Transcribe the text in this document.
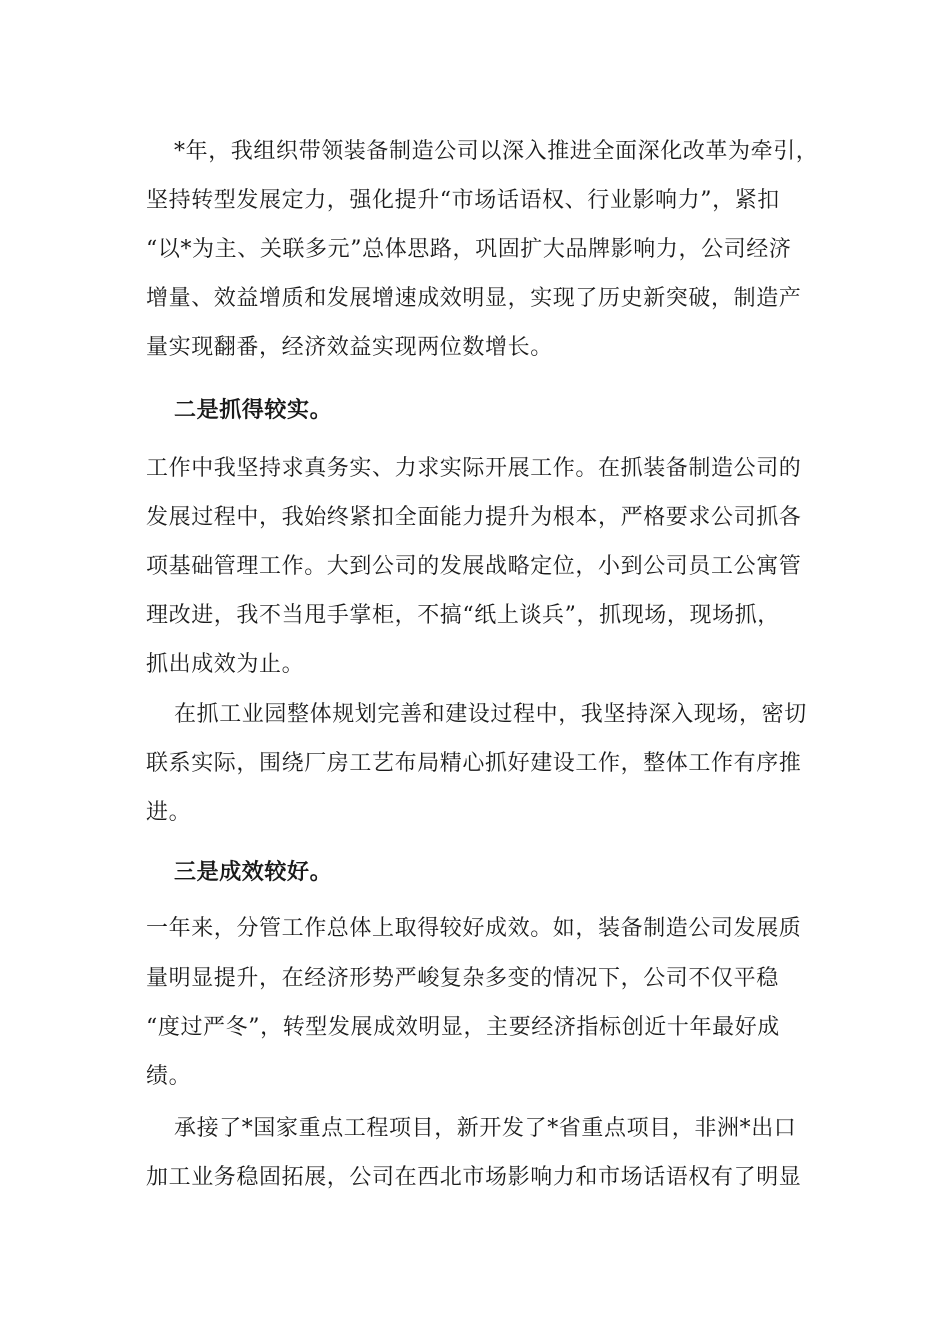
*年，我组织带领装备制造公司以深入推进全面深化改革为牵引，
坚持转型发展定力，强化提升“市场话语权、行业影响力”，紧扣
“以*为主、关联多元”总体思路，巩固扩大品牌影响力，公司经济
增量、效益增质和发展增速成效明显，实现了历史新突破，制造产
量实现翻番，经济效益实现两位数增长。
二是抓得较实。
工作中我坚持求真务实、力求实际开展工作。在抓装备制造公司的
发展过程中，我始终紧扣全面能力提升为根本，严格要求公司抓各
项基础管理工作。大到公司的发展战略定位，小到公司员工公寓管
理改进，我不当甩手掌柜，不搞“纸上谈兵”，抓现场，现场抓，
抓出成效为止。
在抓工业园整体规划完善和建设过程中，我坚持深入现场，密切
联系实际，围绕厂房工艺布局精心抓好建设工作，整体工作有序推
进。
三是成效较好。
一年来，分管工作总体上取得较好成效。如，装备制造公司发展质
量明显提升，在经济形势严峻复杂多变的情况下，公司不仅平稳
“度过严冬”，转型发展成效明显，主要经济指标创近十年最好成
绩。
承接了*国家重点工程项目，新开发了*省重点项目，非洲*出口
加工业务稳固拓展，公司在西北市场影响力和市场话语权有了明显
